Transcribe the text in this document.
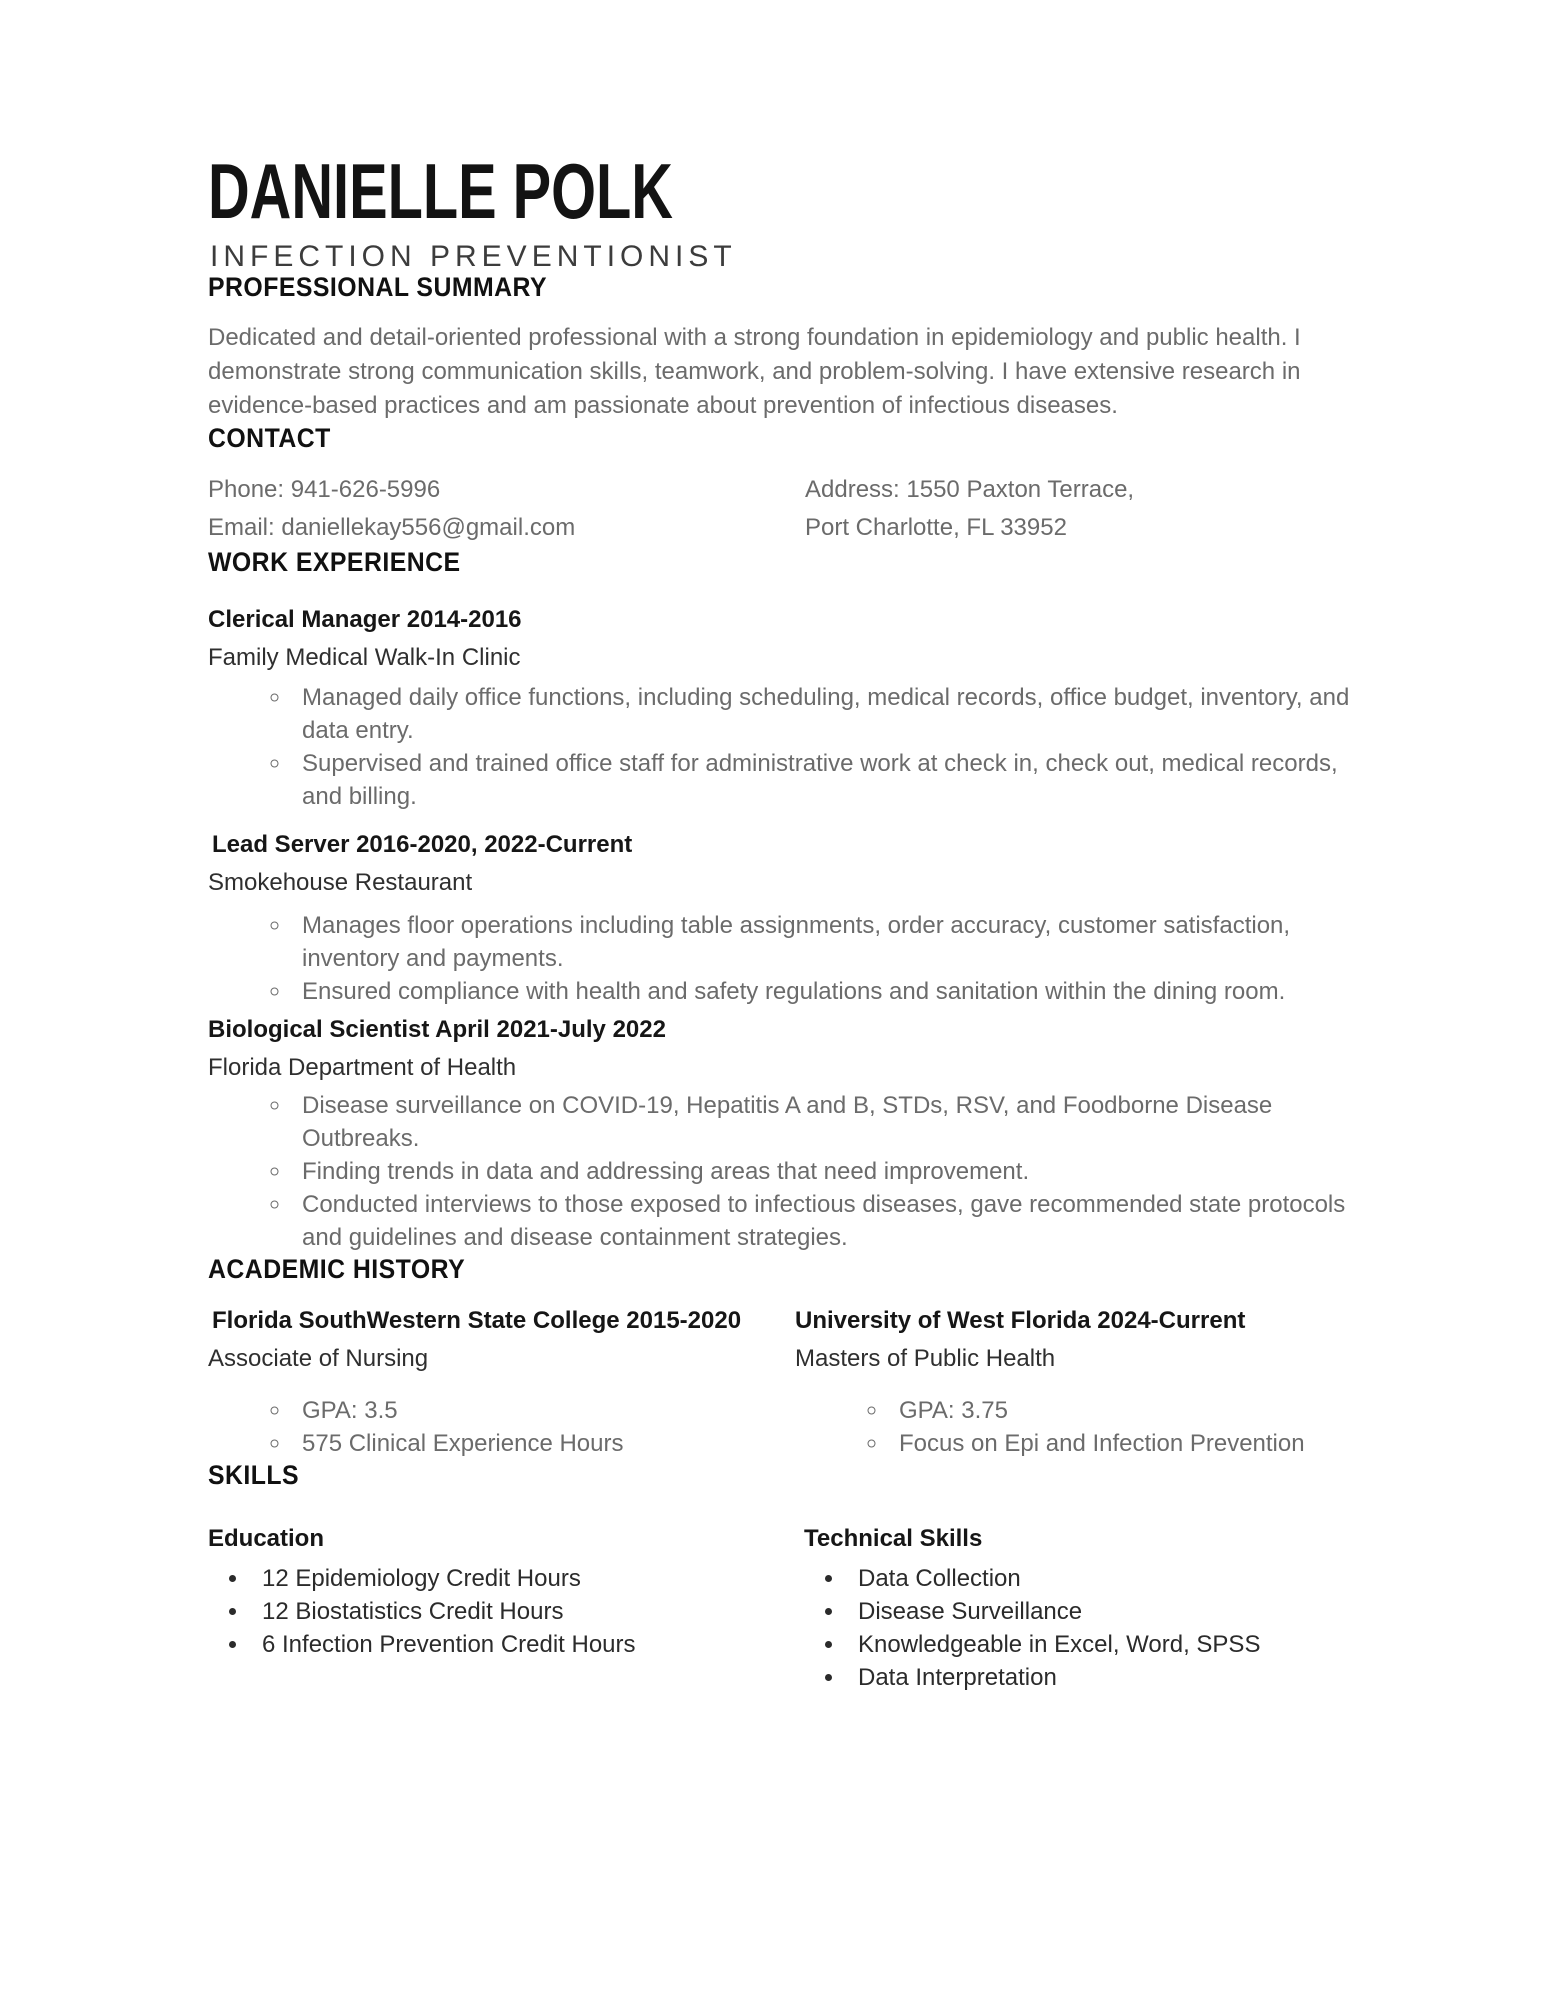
DANIELLE POLK
INFECTION PREVENTIONIST
PROFESSIONAL SUMMARY

Dedicated and detail-oriented professional with a strong foundation in epidemiology and public health. I demonstrate strong communication skills, teamwork, and problem-solving. I have extensive research in evidence-based practices and am passionate about prevention of infectious diseases.

CONTACT
Phone: 941-626-5996
Email: daniellekay556@gmail.com
Address: 1550 Paxton Terrace,
Port Charlotte, FL 33952
WORK EXPERIENCE
Clerical Manager 2014-2016

Family Medical Walk-In Clinic

◦ Managed daily office functions, including scheduling, medical records, office budget, inventory, and data entry.
◦ Supervised and trained office staff for administrative work at check in, check out, medical records, and billing.
Lead Server 2016-2020, 2022-Current

Smokehouse Restaurant

◦ Manages floor operations including table assignments, order accuracy, customer satisfaction, inventory and payments.
◦ Ensured compliance with health and safety regulations and sanitation within the dining room.
Biological Scientist April 2021-July 2022

Florida Department of Health

◦ Disease surveillance on COVID-19, Hepatitis A and B, STDs, RSV, and Foodborne Disease Outbreaks.
◦ Finding trends in data and addressing areas that need improvement.
◦ Conducted interviews to those exposed to infectious diseases, gave recommended state protocols and guidelines and disease containment strategies.
ACADEMIC HISTORY
Florida SouthWestern State College 2015-2020

Associate of Nursing

◦ GPA: 3.5
◦ 575 Clinical Experience Hours
University of West Florida 2024-Current

Masters of Public Health

◦ GPA: 3.75
◦ Focus on Epi and Infection Prevention
SKILLS
Education
• 12 Epidemiology Credit Hours
• 12 Biostatistics Credit Hours
• 6 Infection Prevention Credit Hours
Technical Skills
• Data Collection
• Disease Surveillance
• Knowledgeable in Excel, Word, SPSS
• Data Interpretation
